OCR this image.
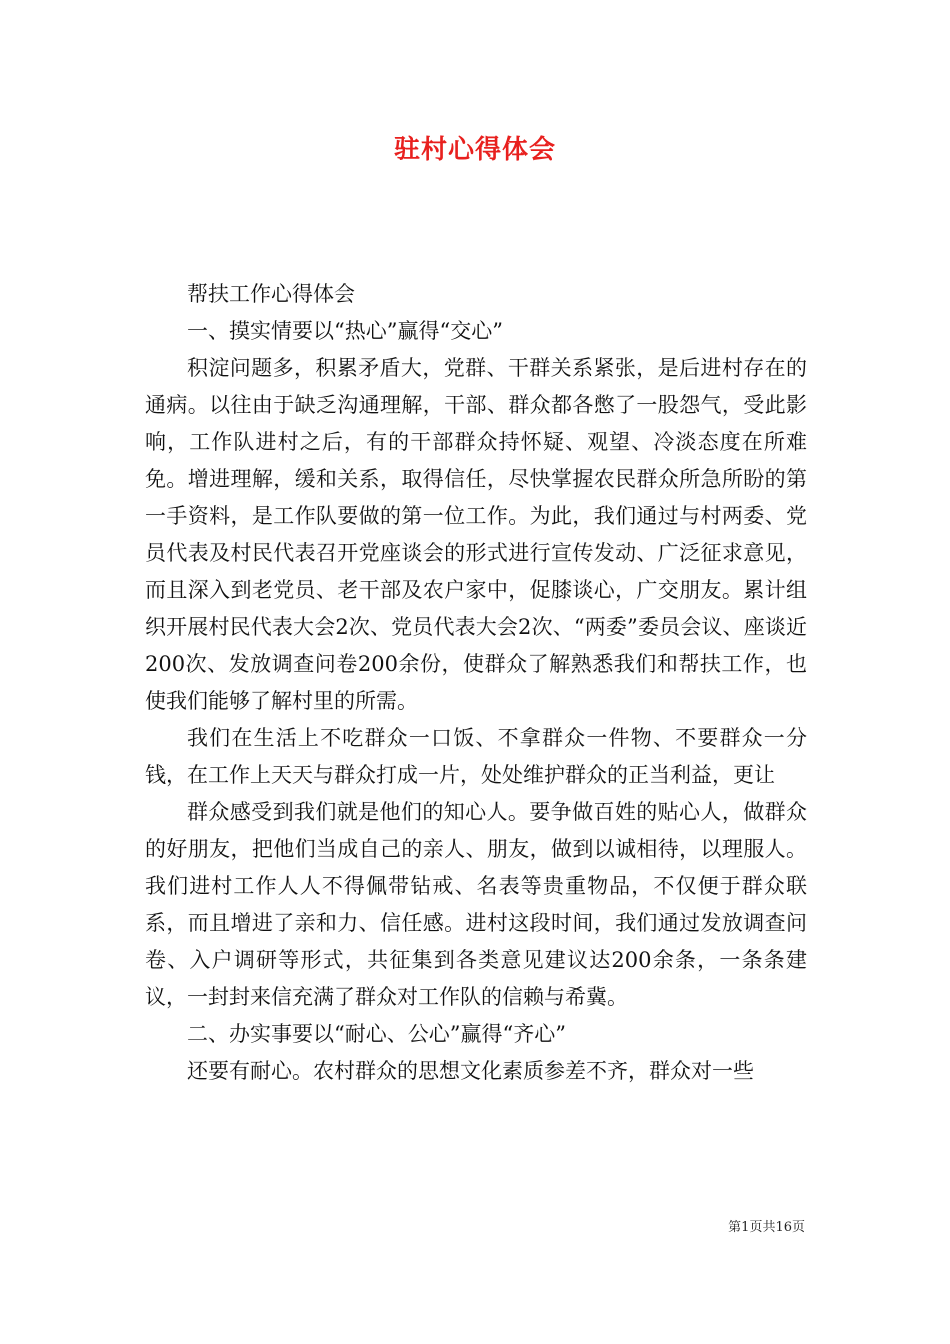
驻村心得体会

帮扶工作心得体会

一、摸实情要以“热心”赢得“交心”

积淀问题多，积累矛盾大，党群、干群关系紧张，是后进村存在的通病。以往由于缺乏沟通理解，干部、群众都各憋了一股怨气，受此影响，工作队进村之后，有的干部群众持怀疑、观望、冷淡态度在所难免。增进理解，缓和关系，取得信任，尽快掌握农民群众所急所盼的第一手资料，是工作队要做的第一位工作。为此，我们通过与村两委、党员代表及村民代表召开党座谈会的形式进行宣传发动、广泛征求意见，而且深入到老党员、老干部及农户家中，促膝谈心，广交朋友。累计组织开展村民代表大会2次、党员代表大会2次、“两委”委员会议、座谈近200次、发放调查问卷200余份，使群众了解熟悉我们和帮扶工作，也使我们能够了解村里的所需。

我们在生活上不吃群众一口饭、不拿群众一件物、不要群众一分钱，在工作上天天与群众打成一片，处处维护群众的正当利益，更让

群众感受到我们就是他们的知心人。要争做百姓的贴心人，做群众的好朋友，把他们当成自己的亲人、朋友，做到以诚相待，以理服人。我们进村工作人人不得佩带钻戒、名表等贵重物品，不仅便于群众联系，而且增进了亲和力、信任感。进村这段时间，我们通过发放调查问卷、入户调研等形式，共征集到各类意见建议达200余条，一条条建议，一封封来信充满了群众对工作队的信赖与希冀。

二、办实事要以“耐心、公心”赢得“齐心”

还要有耐心。农村群众的思想文化素质参差不齐，群众对一些

第1页共16页
